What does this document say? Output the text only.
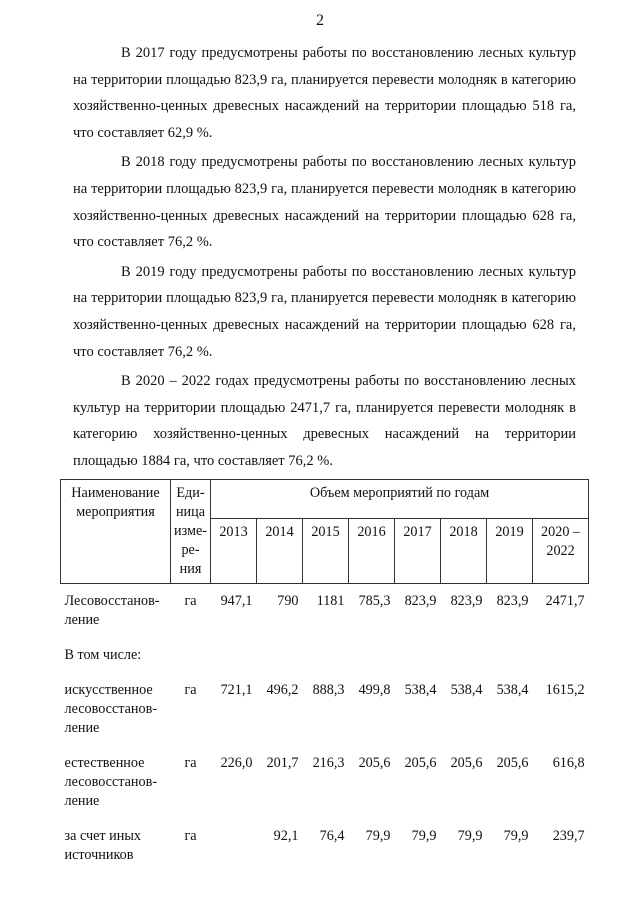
2

В 2017 году предусмотрены работы по восстановлению лесных культур на территории площадью 823,9 га, планируется перевести молодняк в категорию хозяйственно-ценных древесных насаждений на территории площадью 518 га, что составляет 62,9 %.

В 2018 году предусмотрены работы по восстановлению лесных культур на территории площадью 823,9 га, планируется перевести молодняк в категорию хозяйственно-ценных древесных насаждений на территории площадью 628 га, что составляет 76,2 %.

В 2019 году предусмотрены работы по восстановлению лесных культур на территории площадью 823,9 га, планируется перевести молодняк в категорию хозяйственно-ценных древесных насаждений на территории площадью 628 га, что составляет 76,2 %.

В 2020 – 2022 годах предусмотрены работы по восстановлению лесных культур на территории площадью 2471,7 га, планируется перевести молодняк в категорию хозяйственно-ценных древесных насаждений на территории площадью 1884 га, что составляет 76,2 %.

Наименование мероприятия	Еди-ница изме-ре-ния	Объем мероприятий по годам							
		2013	2014	2015	2016	2017	2018	2019	2020 – 2022
Лесовосстанов-ление	га	947,1	790	1181	785,3	823,9	823,9	823,9	2471,7
В том числе:									
искусственное лесовосстанов-ление	га	721,1	496,2	888,3	499,8	538,4	538,4	538,4	1615,2
естественное лесовосстанов-ление	га	226,0	201,7	216,3	205,6	205,6	205,6	205,6	616,8
за счет иных источников	га		92,1	76,4	79,9	79,9	79,9	79,9	239,7
